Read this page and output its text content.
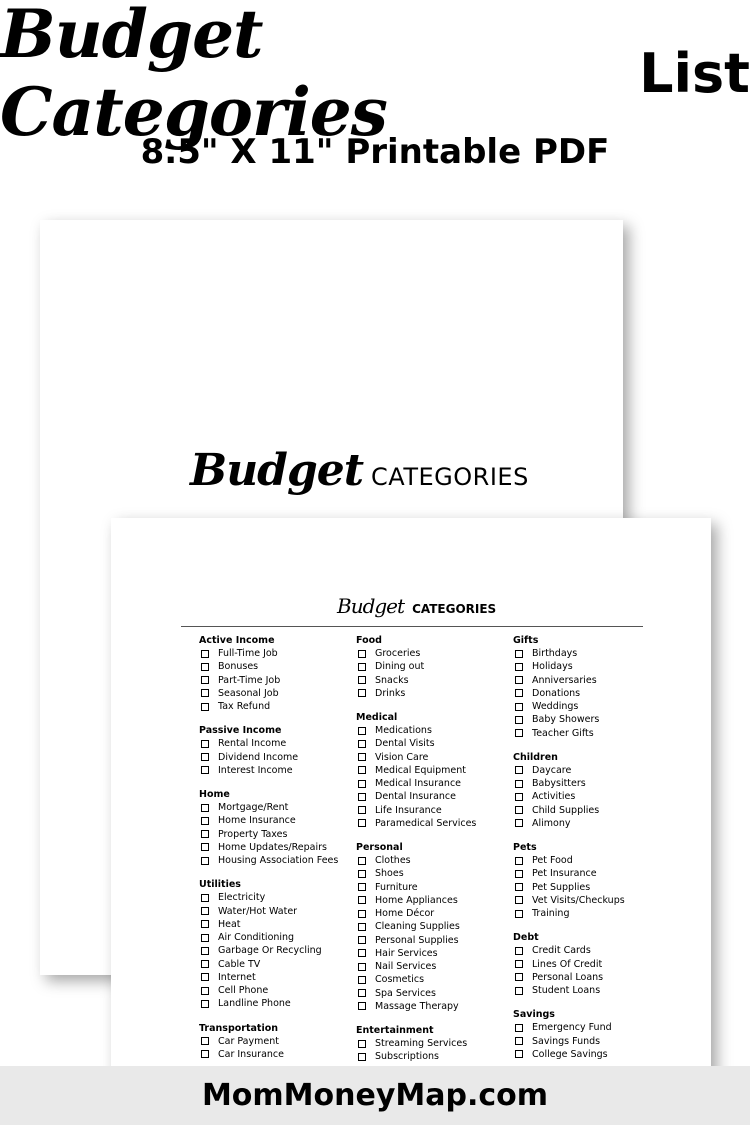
Budget Categories	List
8.5" X 11" Printable PDF
Budget CATEGORIES
Budget CATEGORIES
Active Income
Full-Time Job
Bonuses
Part-Time Job
Seasonal Job
Tax Refund
Passive Income
Rental Income
Dividend Income
Interest Income
Home
Mortgage/Rent
Home Insurance
Property Taxes
Home Updates/Repairs
Housing Association Fees
Utilities
Electricity
Water/Hot Water
Heat
Air Conditioning
Garbage Or Recycling
Cable TV
Internet
Cell Phone
Landline Phone
Transportation
Car Payment
Car Insurance
Food
Groceries
Dining out
Snacks
Drinks
Medical
Medications
Dental Visits
Vision Care
Medical Equipment
Medical Insurance
Dental Insurance
Life Insurance
Paramedical Services
Personal
Clothes
Shoes
Furniture
Home Appliances
Home Décor
Cleaning Supplies
Personal Supplies
Hair Services
Nail Services
Cosmetics
Spa Services
Massage Therapy
Entertainment
Streaming Services
Subscriptions
Gifts
Birthdays
Holidays
Anniversaries
Donations
Weddings
Baby Showers
Teacher Gifts
Children
Daycare
Babysitters
Activities
Child Supplies
Alimony
Pets
Pet Food
Pet Insurance
Pet Supplies
Vet Visits/Checkups
Training
Debt
Credit Cards
Lines Of Credit
Personal Loans
Student Loans
Savings
Emergency Fund
Savings Funds
College Savings
MomMoneyMap.com
